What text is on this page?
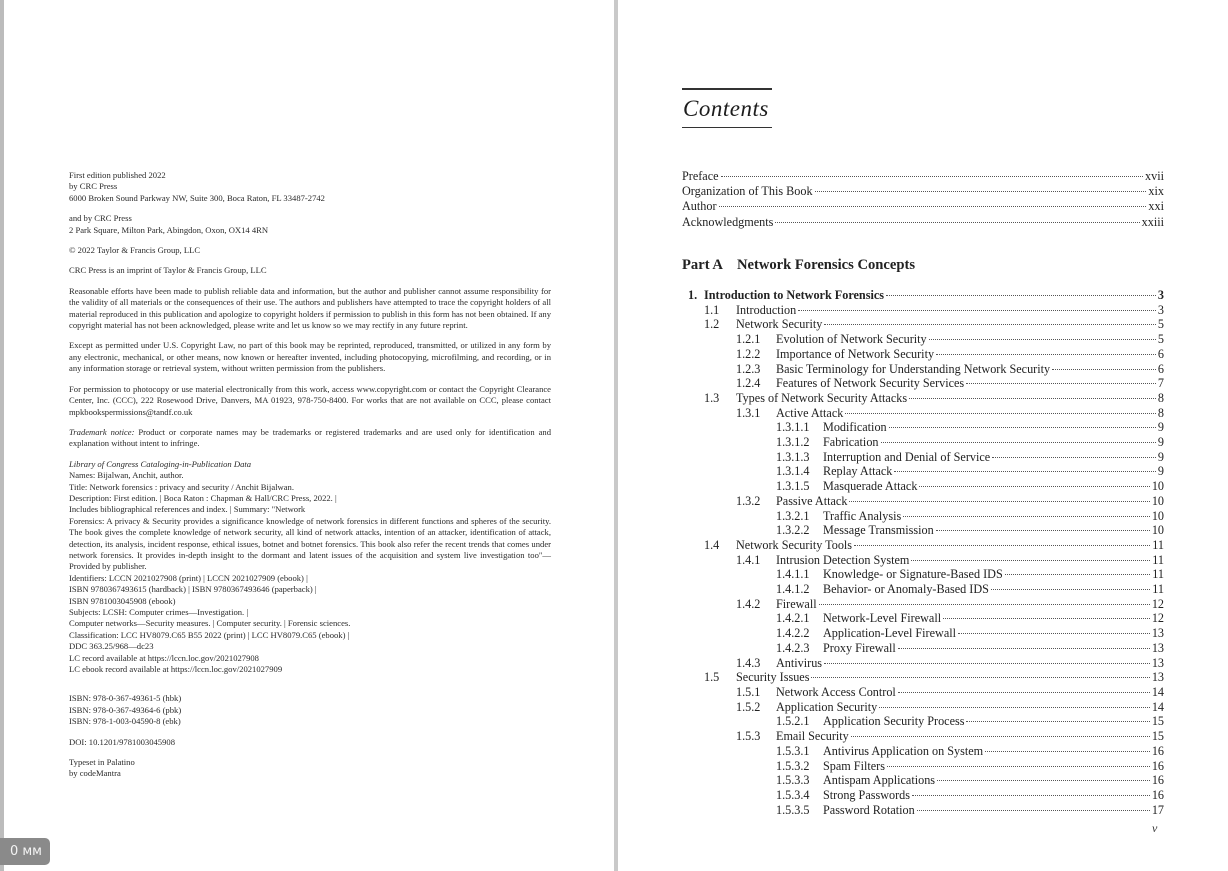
First edition published 2022
by CRC Press
6000 Broken Sound Parkway NW, Suite 300, Boca Raton, FL 33487-2742
and by CRC Press
2 Park Square, Milton Park, Abingdon, Oxon, OX14 4RN
© 2022 Taylor & Francis Group, LLC
CRC Press is an imprint of Taylor & Francis Group, LLC
Reasonable efforts have been made to publish reliable data and information, but the author and publisher cannot assume responsibility for the validity of all materials or the consequences of their use. The authors and publishers have attempted to trace the copyright holders of all material reproduced in this publication and apologize to copyright holders if permission to publish in this form has not been obtained. If any copyright material has not been acknowledged, please write and let us know so we may rectify in any future reprint.
Except as permitted under U.S. Copyright Law, no part of this book may be reprinted, reproduced, transmitted, or utilized in any form by any electronic, mechanical, or other means, now known or hereafter invented, including photocopying, microfilming, and recording, or in any information storage or retrieval system, without written permission from the publishers.
For permission to photocopy or use material electronically from this work, access www.copyright.com or contact the Copyright Clearance Center, Inc. (CCC), 222 Rosewood Drive, Danvers, MA 01923, 978-750-8400. For works that are not available on CCC, please contact mpkbookspermissions@tandf.co.uk
Trademark notice: Product or corporate names may be trademarks or registered trademarks and are used only for identification and explanation without intent to infringe.
Library of Congress Cataloging-in-Publication Data
Names: Bijalwan, Anchit, author.
Title: Network forensics : privacy and security / Anchit Bijalwan.
Description: First edition. | Boca Raton : Chapman & Hall/CRC Press, 2022. |
Includes bibliographical references and index. | Summary: "Network
Forensics: A privacy & Security provides a significance knowledge of network forensics in different functions and spheres of the security. The book gives the complete knowledge of network security, all kind of network attacks, intention of an attacker, identification of attack, detection, its analysis, incident response, ethical issues, botnet and botnet forensics. This book also refer the recent trends that comes under network forensics. It provides in-depth insight to the dormant and latent issues of the acquisition and system live investigation too"— Provided by publisher.
Identifiers: LCCN 2021027908 (print) | LCCN 2021027909 (ebook) |
ISBN 9780367493615 (hardback) | ISBN 9780367493646 (paperback) |
ISBN 9781003045908 (ebook)
Subjects: LCSH: Computer crimes—Investigation. |
Computer networks—Security measures. | Computer security. | Forensic sciences.
Classification: LCC HV8079.C65 B55 2022 (print) | LCC HV8079.C65 (ebook) |
DDC 363.25/968—dc23
LC record available at https://lccn.loc.gov/2021027908
LC ebook record available at https://lccn.loc.gov/2021027909
ISBN: 978-0-367-49361-5 (hbk)
ISBN: 978-0-367-49364-6 (pbk)
ISBN: 978-1-003-04590-8 (ebk)
DOI: 10.1201/9781003045908
Typeset in Palatino
by codeMantra
0 мм
Contents
Preface	xvii
Organization of This Book	xix
Author	xxi
Acknowledgments	xxiii
Part A Network Forensics Concepts
1. Introduction to Network Forensics	3
1.1	Introduction	3
1.2	Network Security	5
1.2.1	Evolution of Network Security	5
1.2.2	Importance of Network Security	6
1.2.3	Basic Terminology for Understanding Network Security	6
1.2.4	Features of Network Security Services	7
1.3	Types of Network Security Attacks	8
1.3.1	Active Attack	8
1.3.1.1	Modification	9
1.3.1.2	Fabrication	9
1.3.1.3	Interruption and Denial of Service	9
1.3.1.4	Replay Attack	9
1.3.1.5	Masquerade Attack	10
1.3.2	Passive Attack	10
1.3.2.1	Traffic Analysis	10
1.3.2.2	Message Transmission	10
1.4	Network Security Tools	11
1.4.1	Intrusion Detection System	11
1.4.1.1	Knowledge- or Signature-Based IDS	11
1.4.1.2	Behavior- or Anomaly-Based IDS	11
1.4.2	Firewall	12
1.4.2.1	Network-Level Firewall	12
1.4.2.2	Application-Level Firewall	13
1.4.2.3	Proxy Firewall	13
1.4.3	Antivirus	13
1.5	Security Issues	13
1.5.1	Network Access Control	14
1.5.2	Application Security	14
1.5.2.1	Application Security Process	15
1.5.3	Email Security	15
1.5.3.1	Antivirus Application on System	16
1.5.3.2	Spam Filters	16
1.5.3.3	Antispam Applications	16
1.5.3.4	Strong Passwords	16
1.5.3.5	Password Rotation	17
v
